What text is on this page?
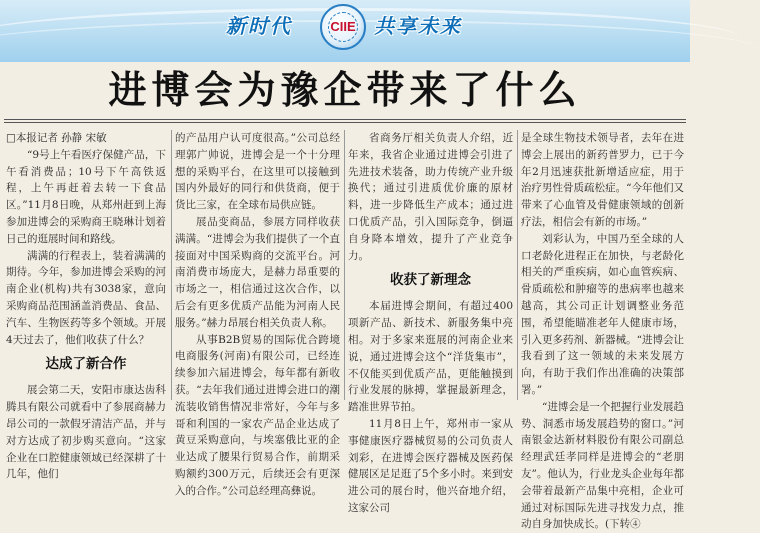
新时代	CIIE 共享未来
进博会为豫企带来了什么

□本报记者 孙静 宋敏

“9号上午看医疗保健产品，下午看消费品；10号下午高铁返程，上午再赶着去转一下食品区。”11月8日晚，从郑州赶到上海参加进博会的采购商王晓琳计划着日己的逛展时间和路线。

满满的行程表上，装着满满的期待。今年，参加进博会采购的河南企业(机构)共有3038家，意向采购商品范围涵盖消费品、食品、汽车、生物医药等多个领域。开展4天过去了，他们收获了什么？

达成了新合作

展会第二天，安阳市康达齿科腾具有限公司就看中了参展商赫力昂公司的一款假牙清洁产品，并与对方达成了初步购买意向。“这家企业在口腔健康领域已经深耕了十几年，他们

的产品用户认可度很高。”公司总经理郭广帅说，进博会是一个十分理想的采购平台，在这里可以接触到国内外最好的同行和供货商，便于货比三家，在全球布局供应链。

展品变商品，参展方同样收获满满。“进博会为我们提供了一个直接面对中国采购商的交流平台。河南消费市场庞大，是赫力昂重要的市场之一，相信通过这次合作，以后会有更多优质产品能为河南人民服务。”赫力昂展台相关负责人称。

从事B2B贸易的国际优合跨境电商服务(河南)有限公司，已经连续参加六届进博会，每年都有新收获。“去年我们通过进博会进口的潮流装收销售情况非常好，今年与多哥和利国的一家农产品企业达成了黄豆采购意向，与埃塞俄比亚的企业达成了腰果行贸易合作，前期采购额约300万元，后续还会有更深入的合作。”公司总经理高彝说。

省商务厅相关负责人介绍，近年来，我省企业通过进博会引进了先进技术装备，助力传统产业升级换代；通过引进质优价廉的原材料，进一步降低生产成本；通过进口优质产品，引入国际竞争，倒逼自身降本增效，提升了产业竞争力。

收获了新理念

本届进博会期间，有超过400项新产品、新技术、新服务集中亮相。对于多家来逛展的河南企业来说，通过进博会这个“洋货集市”，不仅能买到优质产品，更能触摸到行业发展的脉搏，掌握最新理念，踏准世界节拍。

11月8日上午，郑州市一家从事健康医疗器械贸易的公司负责人刘彩，在进博会医疗器械及医药保健展区足足逛了5个多小时。来到安进公司的展台时，他兴奋地介绍，这家公司

是全球生物技术领导者，去年在进博会上展出的新药普罗力，已于今年2月迅速获批新增适应症，用于治疗男性骨质疏松症。“今年他们又带来了心血管及骨健康领域的创新疗法，相信会有新的市场。”

刘彩认为，中国乃至全球的人口老龄化进程正在加快，与老龄化相关的严重疾病，如心血管疾病、骨质疏松和肿瘤等的患病率也越来越高，其公司正计划调整业务范围，希望能瞄准老年人健康市场，引入更多药剂、新器械。“进博会让我看到了这一领域的未来发展方向，有助于我们作出准确的决策部署。”

“进博会是一个把握行业发展趋势、洞悉市场发展趋势的窗口。”河南银金达新材料股份有限公司副总经理武廷孝同样是进博会的“老朋友”。他认为，行业龙头企业每年都会带着最新产品集中亮相，企业可通过对标国际先进寻找发力点，推动自身加快成长。(下转④
